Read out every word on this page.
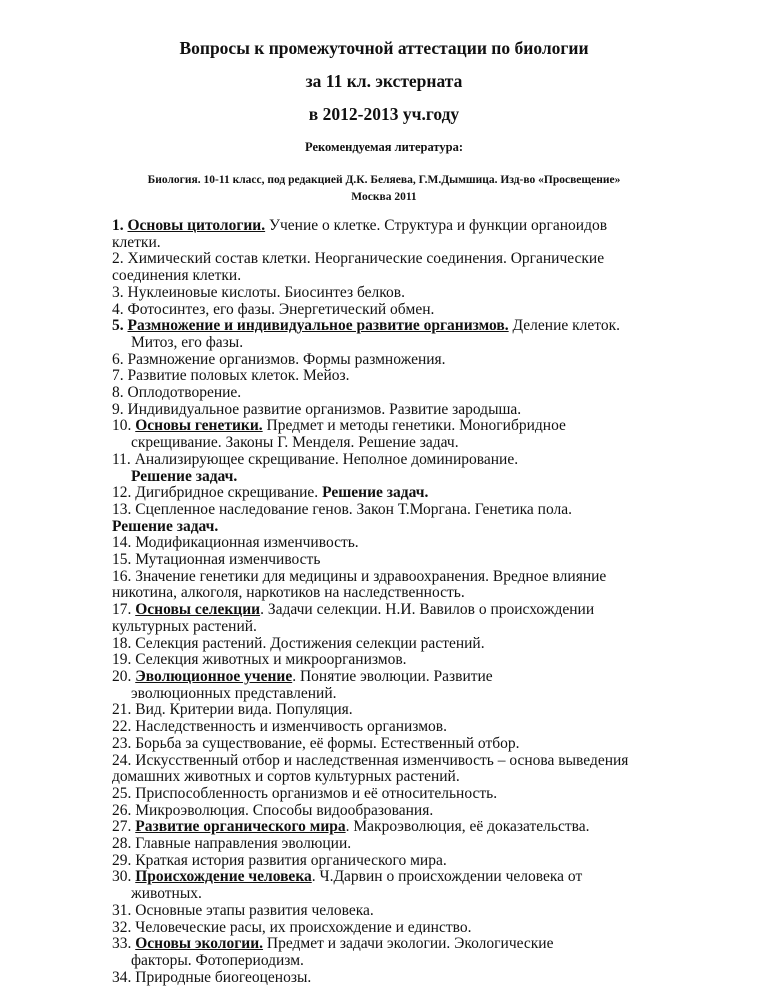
Вопросы к промежуточной аттестации по биологии
за 11 кл. экстерната
в 2012-2013 уч.году
Рекомендуемая литература:
Биология. 10-11 класс, под редакцией Д.К. Беляева, Г.М.Дымшица. Изд-во «Просвещение»
Москва 2011
1. Основы цитологии. Учение о клетке. Структура и функции органоидов
клетки.
2. Химический состав клетки. Неорганические соединения. Органические
соединения клетки.
3. Нуклеиновые кислоты. Биосинтез белков.
4. Фотосинтез, его фазы. Энергетический обмен.
5. Размножение и индивидуальное развитие организмов. Деление клеток.
Митоз, его фазы.
6. Размножение организмов. Формы размножения.
7. Развитие половых клеток. Мейоз.
8. Оплодотворение.
9. Индивидуальное развитие организмов. Развитие зародыша.
10. Основы генетики. Предмет и методы генетики. Моногибридное
скрещивание. Законы Г. Менделя. Решение задач.
11. Анализирующее скрещивание. Неполное доминирование.
Решение задач.
12. Дигибридное скрещивание. Решение задач.
13. Сцепленное наследование генов. Закон Т.Моргана. Генетика пола.
Решение задач.
14. Модификационная изменчивость.
15. Мутационная изменчивость
16. Значение генетики для медицины и здравоохранения. Вредное влияние
никотина, алкоголя, наркотиков на наследственность.
17. Основы селекции. Задачи селекции. Н.И. Вавилов о происхождении
культурных растений.
18. Селекция растений. Достижения селекции растений.
19. Селекция животных и микроорганизмов.
20. Эволюционное учение. Понятие эволюции. Развитие
эволюционных представлений.
21. Вид. Критерии вида. Популяция.
22. Наследственность и изменчивость организмов.
23. Борьба за существование, её формы. Естественный отбор.
24. Искусственный отбор и наследственная изменчивость – основа выведения
домашних животных и сортов культурных растений.
25. Приспособленность организмов и её относительность.
26. Микроэволюция. Способы видообразования.
27. Развитие органического мира. Макроэволюция, её доказательства.
28. Главные направления эволюции.
29. Краткая история развития органического мира.
30. Происхождение человека. Ч.Дарвин о происхождении человека от
животных.
31. Основные этапы развития человека.
32. Человеческие расы, их происхождение и единство.
33. Основы экологии. Предмет и задачи экологии. Экологические
факторы. Фотопериодизм.
34. Природные биогеоценозы.
